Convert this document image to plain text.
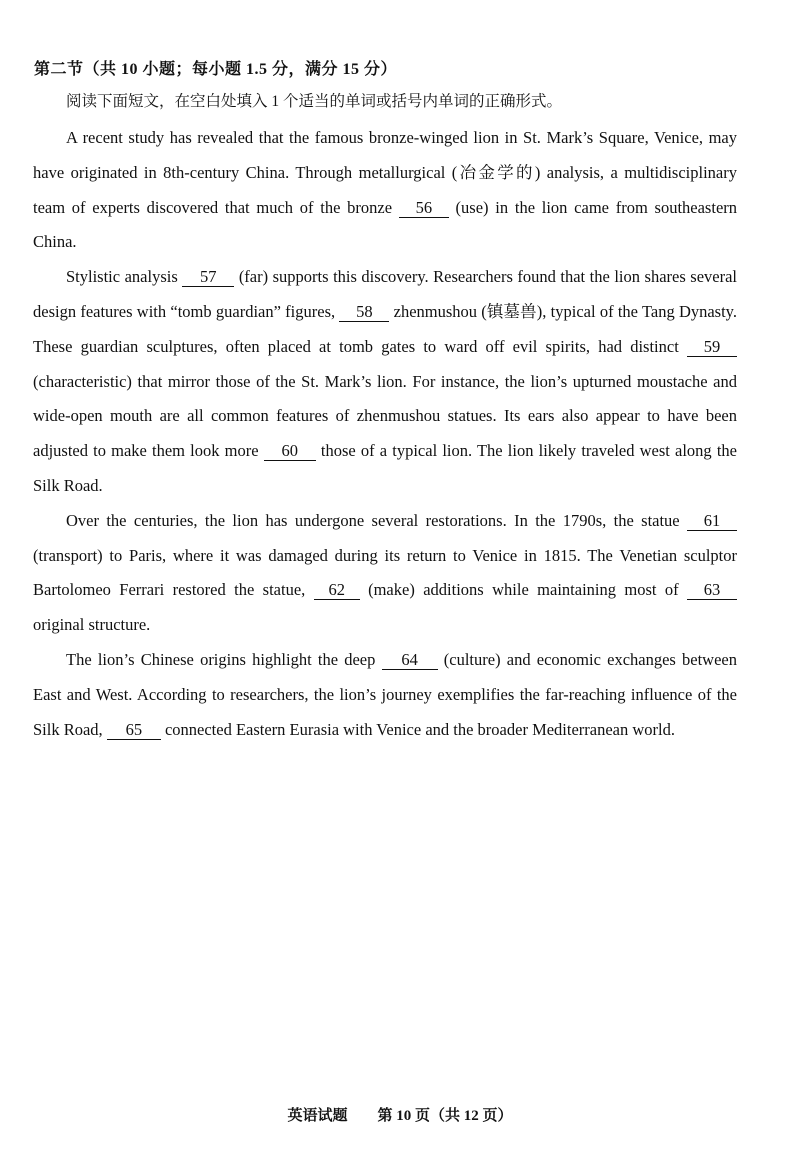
第二节（共 10 小题；每小题 1.5 分，满分 15 分）
阅读下面短文，在空白处填入 1 个适当的单词或括号内单词的正确形式。

A recent study has revealed that the famous bronze-winged lion in St. Mark’s Square, Venice, may have originated in 8th-century China. Through metallurgical (冶金学的) analysis, a multidisciplinary team of experts discovered that much of the bronze 56 (use) in the lion came from southeastern China.

Stylistic analysis 57 (far) supports this discovery. Researchers found that the lion shares several design features with “tomb guardian” figures, 58 zhenmushou (镇墓兽), typical of the Tang Dynasty. These guardian sculptures, often placed at tomb gates to ward off evil spirits, had distinct 59 (characteristic) that mirror those of the St. Mark’s lion. For instance, the lion’s upturned moustache and wide-open mouth are all common features of zhenmushou statues. Its ears also appear to have been adjusted to make them look more 60 those of a typical lion. The lion likely traveled west along the Silk Road.

Over the centuries, the lion has undergone several restorations. In the 1790s, the statue 61 (transport) to Paris, where it was damaged during its return to Venice in 1815. The Venetian sculptor Bartolomeo Ferrari restored the statue, 62 (make) additions while maintaining most of 63 original structure.

The lion’s Chinese origins highlight the deep 64 (culture) and economic exchanges between East and West. According to researchers, the lion’s journey exemplifies the far-reaching influence of the Silk Road, 65 connected Eastern Eurasia with Venice and the broader Mediterranean world.

英语试题　　第 10 页（共 12 页）
